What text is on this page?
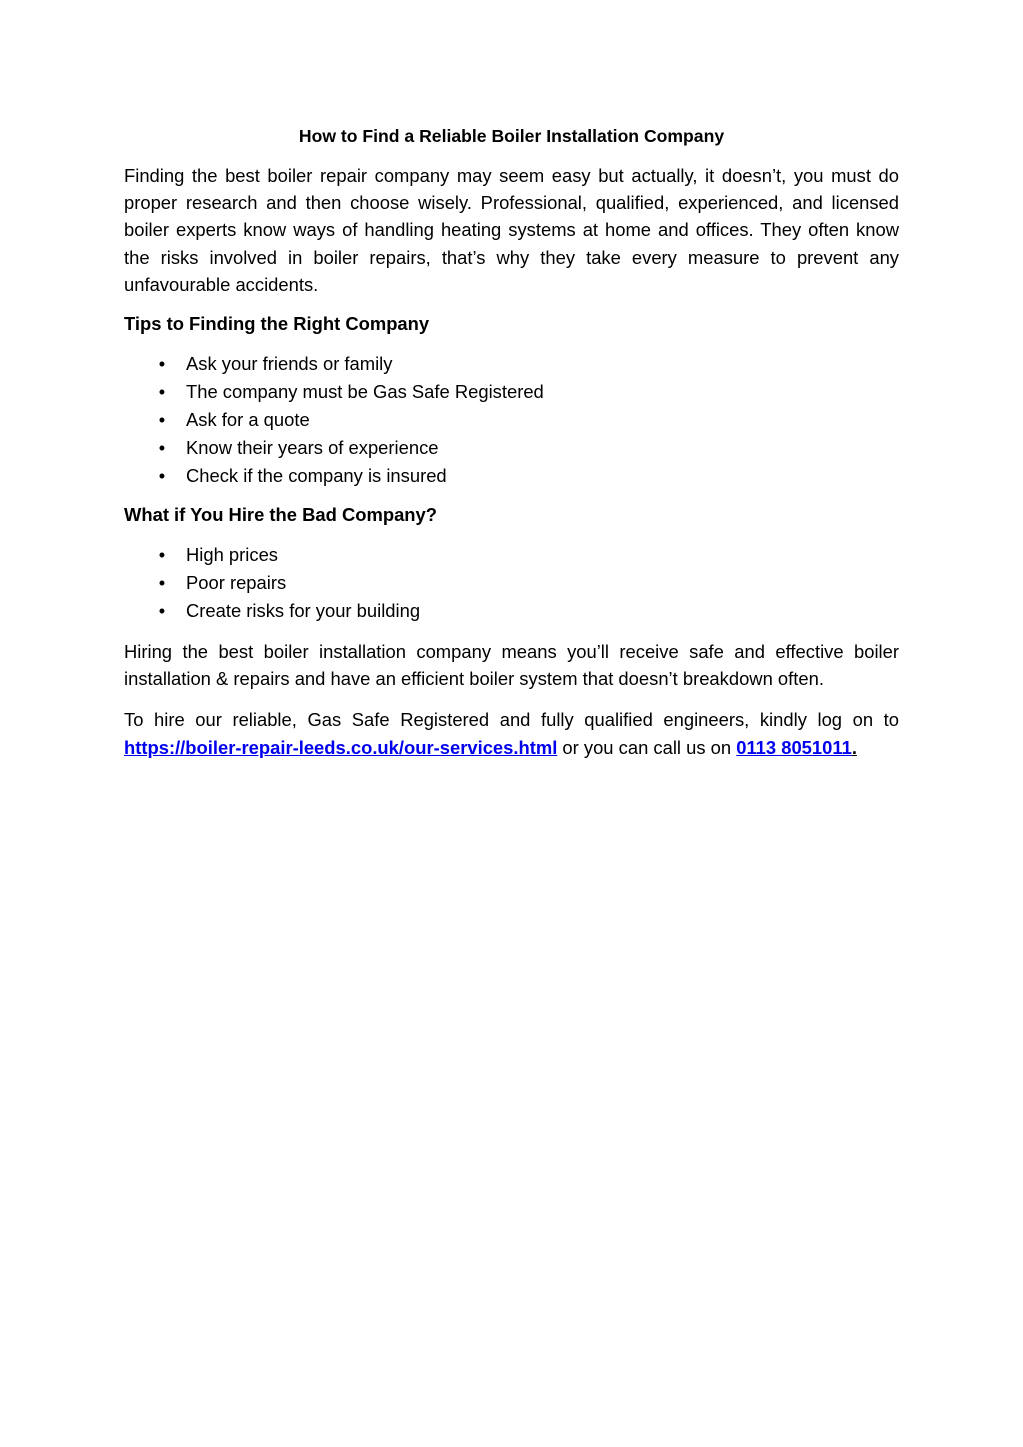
How to Find a Reliable Boiler Installation Company

Finding the best boiler repair company may seem easy but actually, it doesn’t, you must do proper research and then choose wisely. Professional, qualified, experienced, and licensed boiler experts know ways of handling heating systems at home and offices. They often know the risks involved in boiler repairs, that’s why they take every measure to prevent any unfavourable accidents.

Tips to Finding the Right Company
• Ask your friends or family
• The company must be Gas Safe Registered
• Ask for a quote
• Know their years of experience
• Check if the company is insured
What if You Hire the Bad Company?
• High prices
• Poor repairs
• Create risks for your building

Hiring the best boiler installation company means you’ll receive safe and effective boiler installation & repairs and have an efficient boiler system that doesn’t breakdown often.

To hire our reliable, Gas Safe Registered and fully qualified engineers, kindly log on to https://boiler-repair-leeds.co.uk/our-services.html or you can call us on 0113 8051011.
